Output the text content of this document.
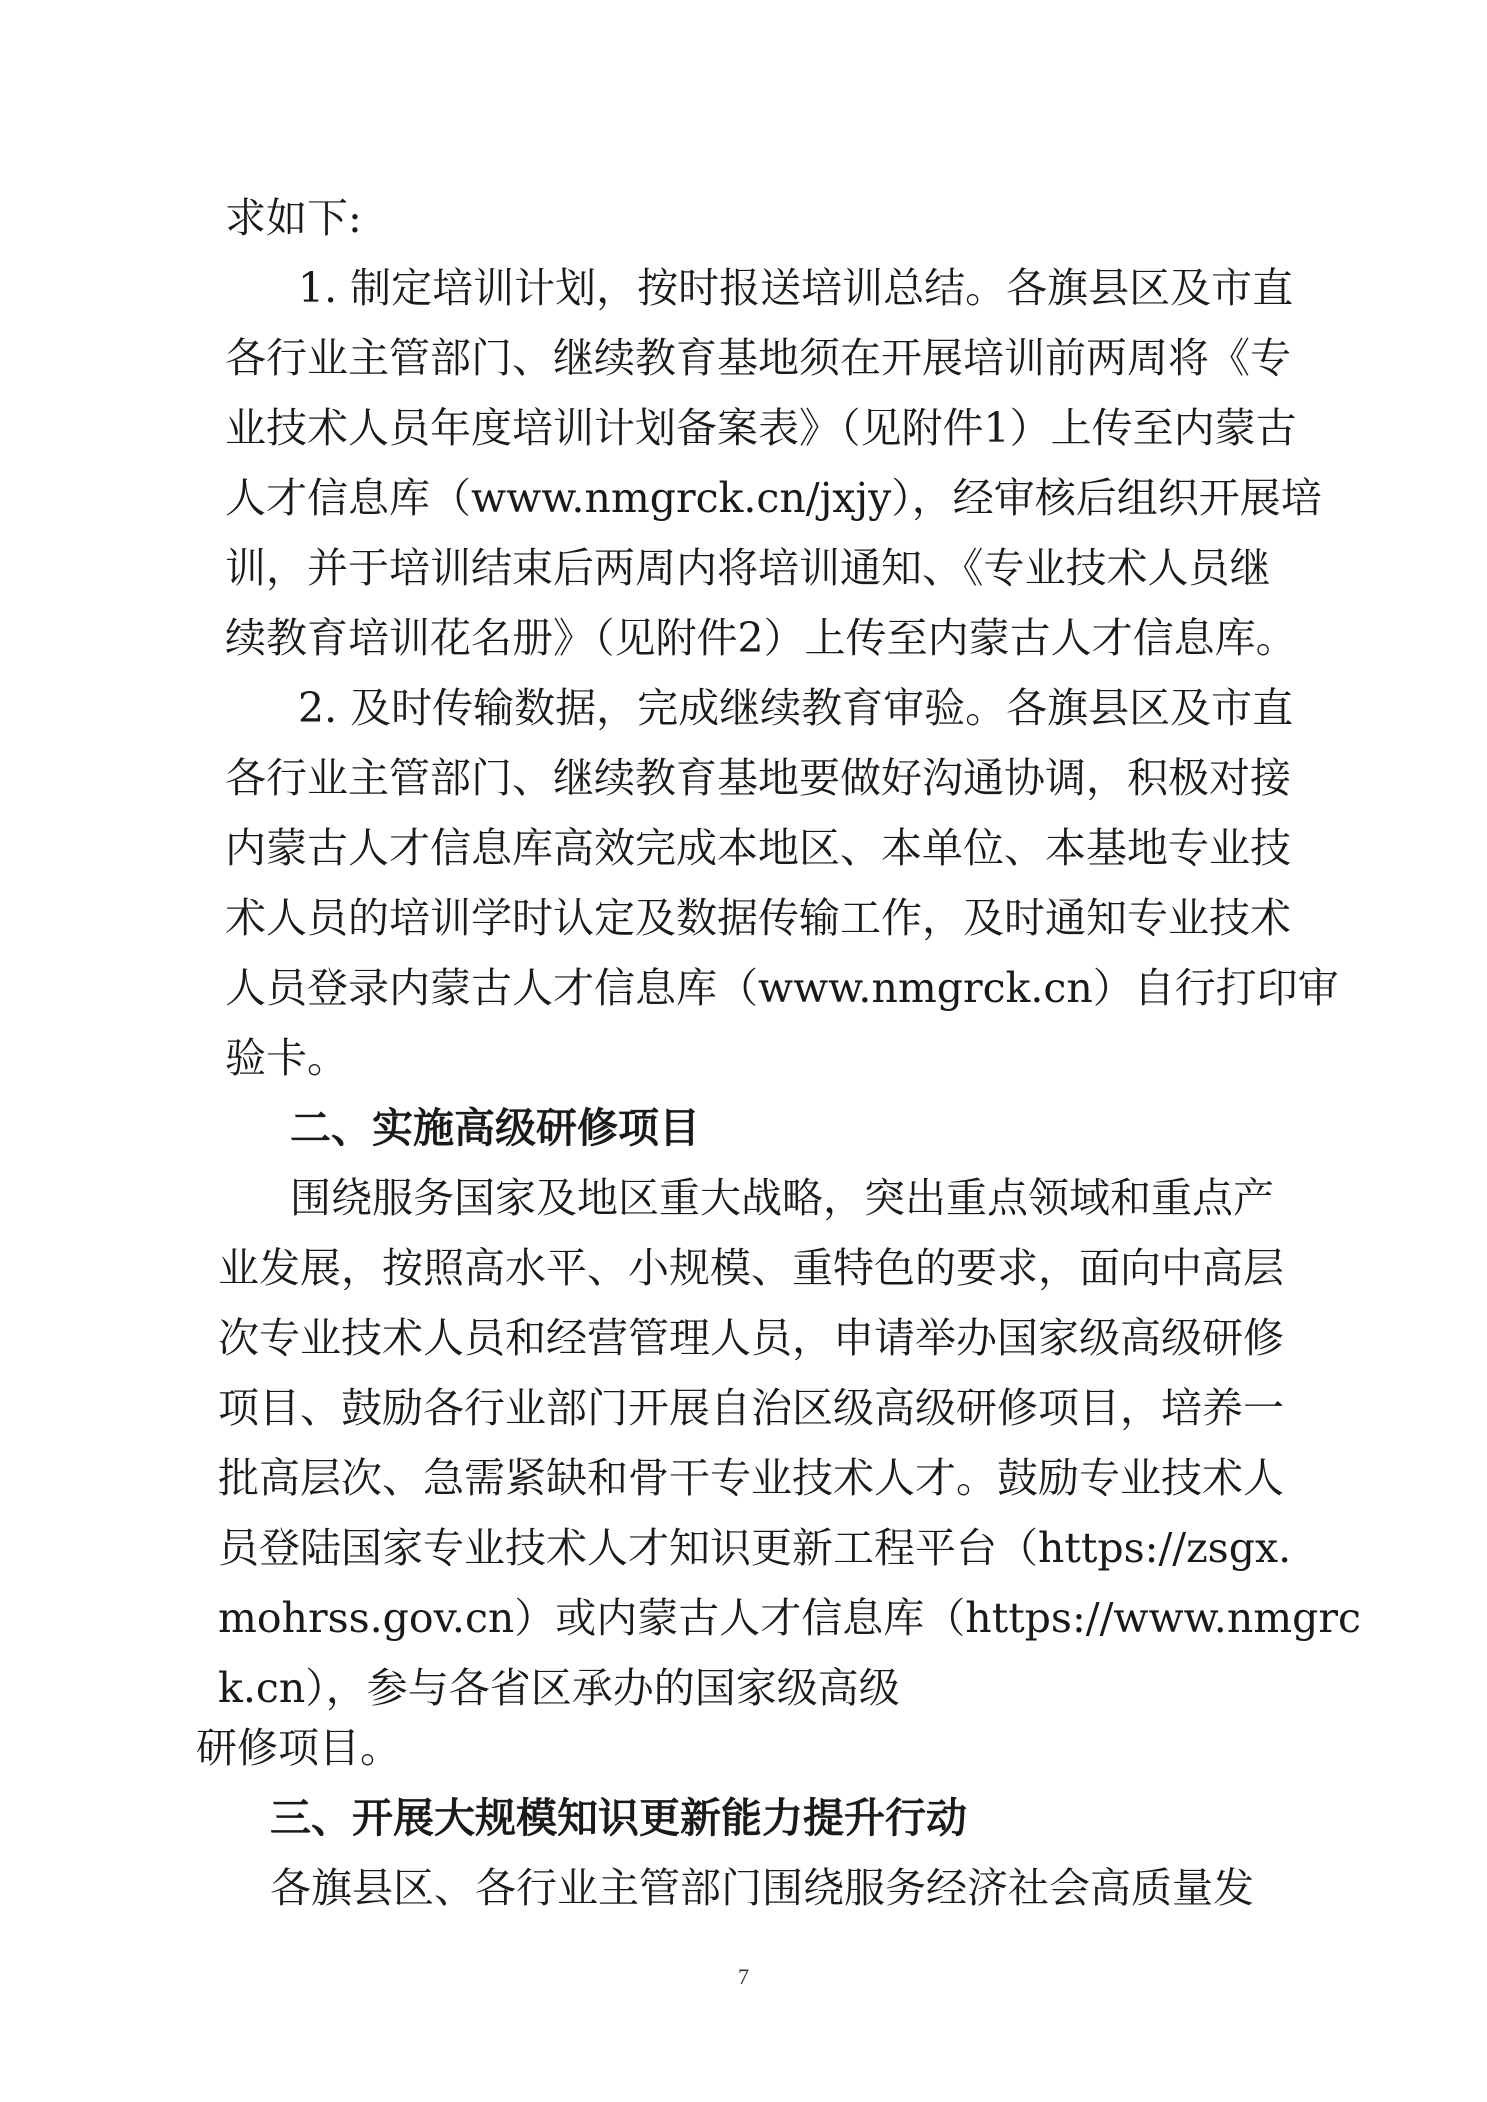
求如下:
1. 制定培训计划，按时报送培训总结。各旗县区及市直
各行业主管部门、继续教育基地须在开展培训前两周将《专
业技术人员年度培训计划备案表》（见附件1）上传至内蒙古
人才信息库（www.nmgrck.cn/jxjy），经审核后组织开展培
训，并于培训结束后两周内将培训通知、《专业技术人员继
续教育培训花名册》（见附件2）上传至内蒙古人才信息库。
2. 及时传输数据，完成继续教育审验。各旗县区及市直
各行业主管部门、继续教育基地要做好沟通协调，积极对接
内蒙古人才信息库高效完成本地区、本单位、本基地专业技
术人员的培训学时认定及数据传输工作，及时通知专业技术
人员登录内蒙古人才信息库（www.nmgrck.cn）自行打印审
验卡。
二、实施高级研修项目
围绕服务国家及地区重大战略，突出重点领域和重点产
业发展，按照高水平、小规模、重特色的要求，面向中高层
次专业技术人员和经营管理人员，申请举办国家级高级研修
项目、鼓励各行业部门开展自治区级高级研修项目，培养一
批高层次、急需紧缺和骨干专业技术人才。鼓励专业技术人
员登陆国家专业技术人才知识更新工程平台（https://zsgx.
mohrss.gov.cn）或内蒙古人才信息库（https://www.nmgrc
k.cn），参与各省区承办的国家级高级
研修项目。
三、开展大规模知识更新能力提升行动
各旗县区、各行业主管部门围绕服务经济社会高质量发
7
